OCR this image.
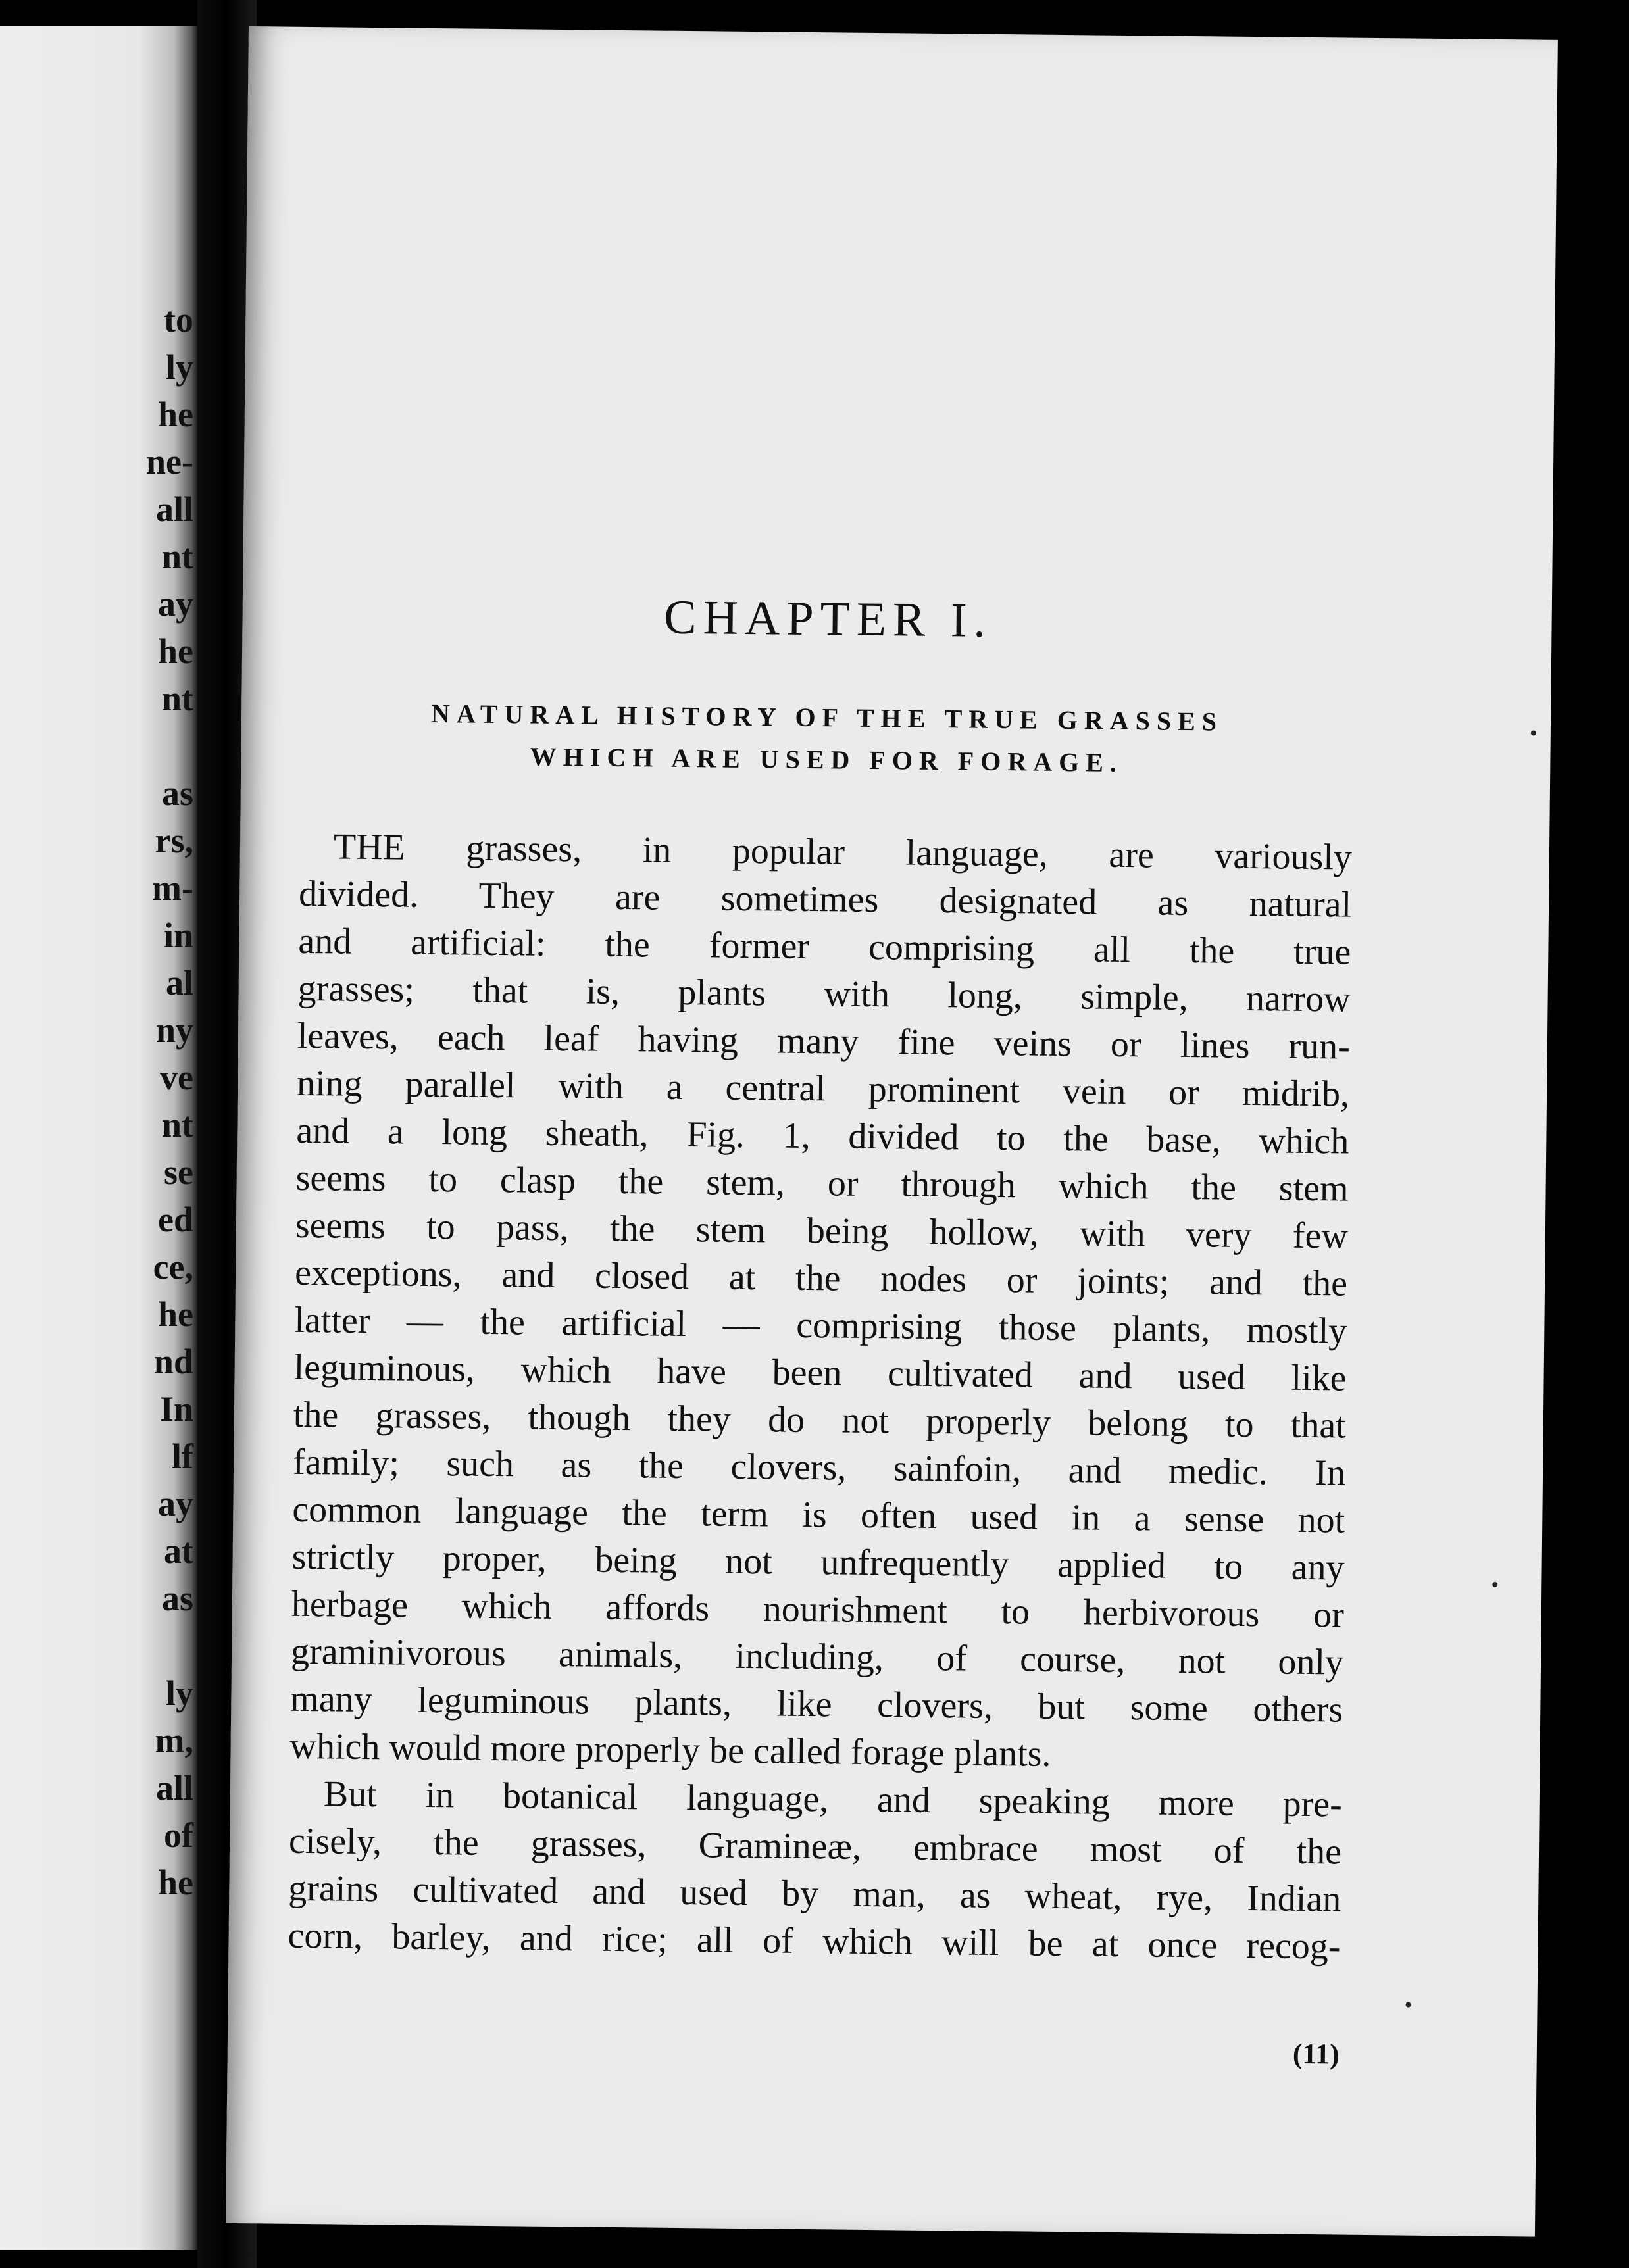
to
ly
he
ne-
all
nt
ay
he
nt
as
rs,
m-
in
al
ny
ve
nt
se
ed
ce,
he
nd
In
lf
ay
at
as
ly
m,
all
of
he
CHAPTER I.
NATURAL HISTORY OF THE TRUE GRASSES
WHICH ARE USED FOR FORAGE.
THE grasses, in popular language, are variously
divided. They are sometimes designated as natural
and artificial: the former comprising all the true
grasses; that is, plants with long, simple, narrow
leaves, each leaf having many fine veins or lines run-
ning parallel with a central prominent vein or midrib,
and a long sheath, Fig. 1, divided to the base, which
seems to clasp the stem, or through which the stem
seems to pass, the stem being hollow, with very few
exceptions, and closed at the nodes or joints; and the
latter — the artificial — comprising those plants, mostly
leguminous, which have been cultivated and used like
the grasses, though they do not properly belong to that
family; such as the clovers, sainfoin, and medic. In
common language the term is often used in a sense not
strictly proper, being not unfrequently applied to any
herbage which affords nourishment to herbivorous or
graminivorous animals, including, of course, not only
many leguminous plants, like clovers, but some others
which would more properly be called forage plants.
But in botanical language, and speaking more pre-
cisely, the grasses, Gramineæ, embrace most of the
grains cultivated and used by man, as wheat, rye, Indian
corn, barley, and rice; all of which will be at once recog-
(11)
